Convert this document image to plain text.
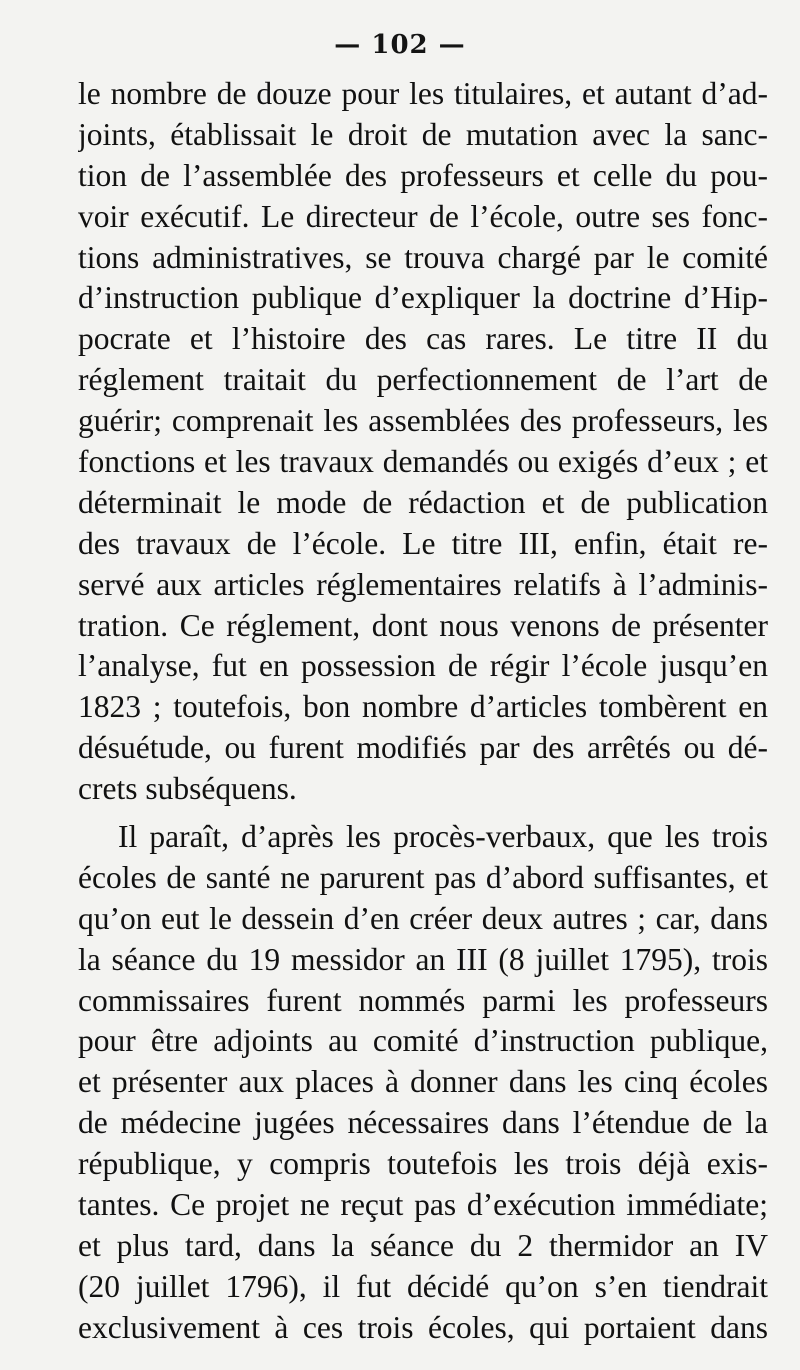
— 102 —
le nombre de douze pour les titulaires, et autant d’ad-
joints, établissait le droit de mutation avec la sanc-
tion de l’assemblée des professeurs et celle du pou-
voir exécutif. Le directeur de l’école, outre ses fonc-
tions administratives, se trouva chargé par le comité
d’instruction publique d’expliquer la doctrine d’Hip-
pocrate et l’histoire des cas rares. Le titre II du
réglement traitait du perfectionnement de l’art de
guérir; comprenait les assemblées des professeurs, les
fonctions et les travaux demandés ou exigés d’eux ; et
déterminait le mode de rédaction et de publication
des travaux de l’école. Le titre III, enfin, était re-
servé aux articles réglementaires relatifs à l’adminis-
tration. Ce réglement, dont nous venons de présenter
l’analyse, fut en possession de régir l’école jusqu’en
1823 ; toutefois, bon nombre d’articles tombèrent en
désuétude, ou furent modifiés par des arrêtés ou dé-
crets subséquens.
Il paraît, d’après les procès-verbaux, que les trois
écoles de santé ne parurent pas d’abord suffisantes, et
qu’on eut le dessein d’en créer deux autres ; car, dans
la séance du 19 messidor an III (8 juillet 1795), trois
commissaires furent nommés parmi les professeurs
pour être adjoints au comité d’instruction publique,
et présenter aux places à donner dans les cinq écoles
de médecine jugées nécessaires dans l’étendue de la
république, y compris toutefois les trois déjà exis-
tantes. Ce projet ne reçut pas d’exécution immédiate;
et plus tard, dans la séance du 2 thermidor an IV
(20 juillet 1796), il fut décidé qu’on s’en tiendrait
exclusivement à ces trois écoles, qui portaient dans
